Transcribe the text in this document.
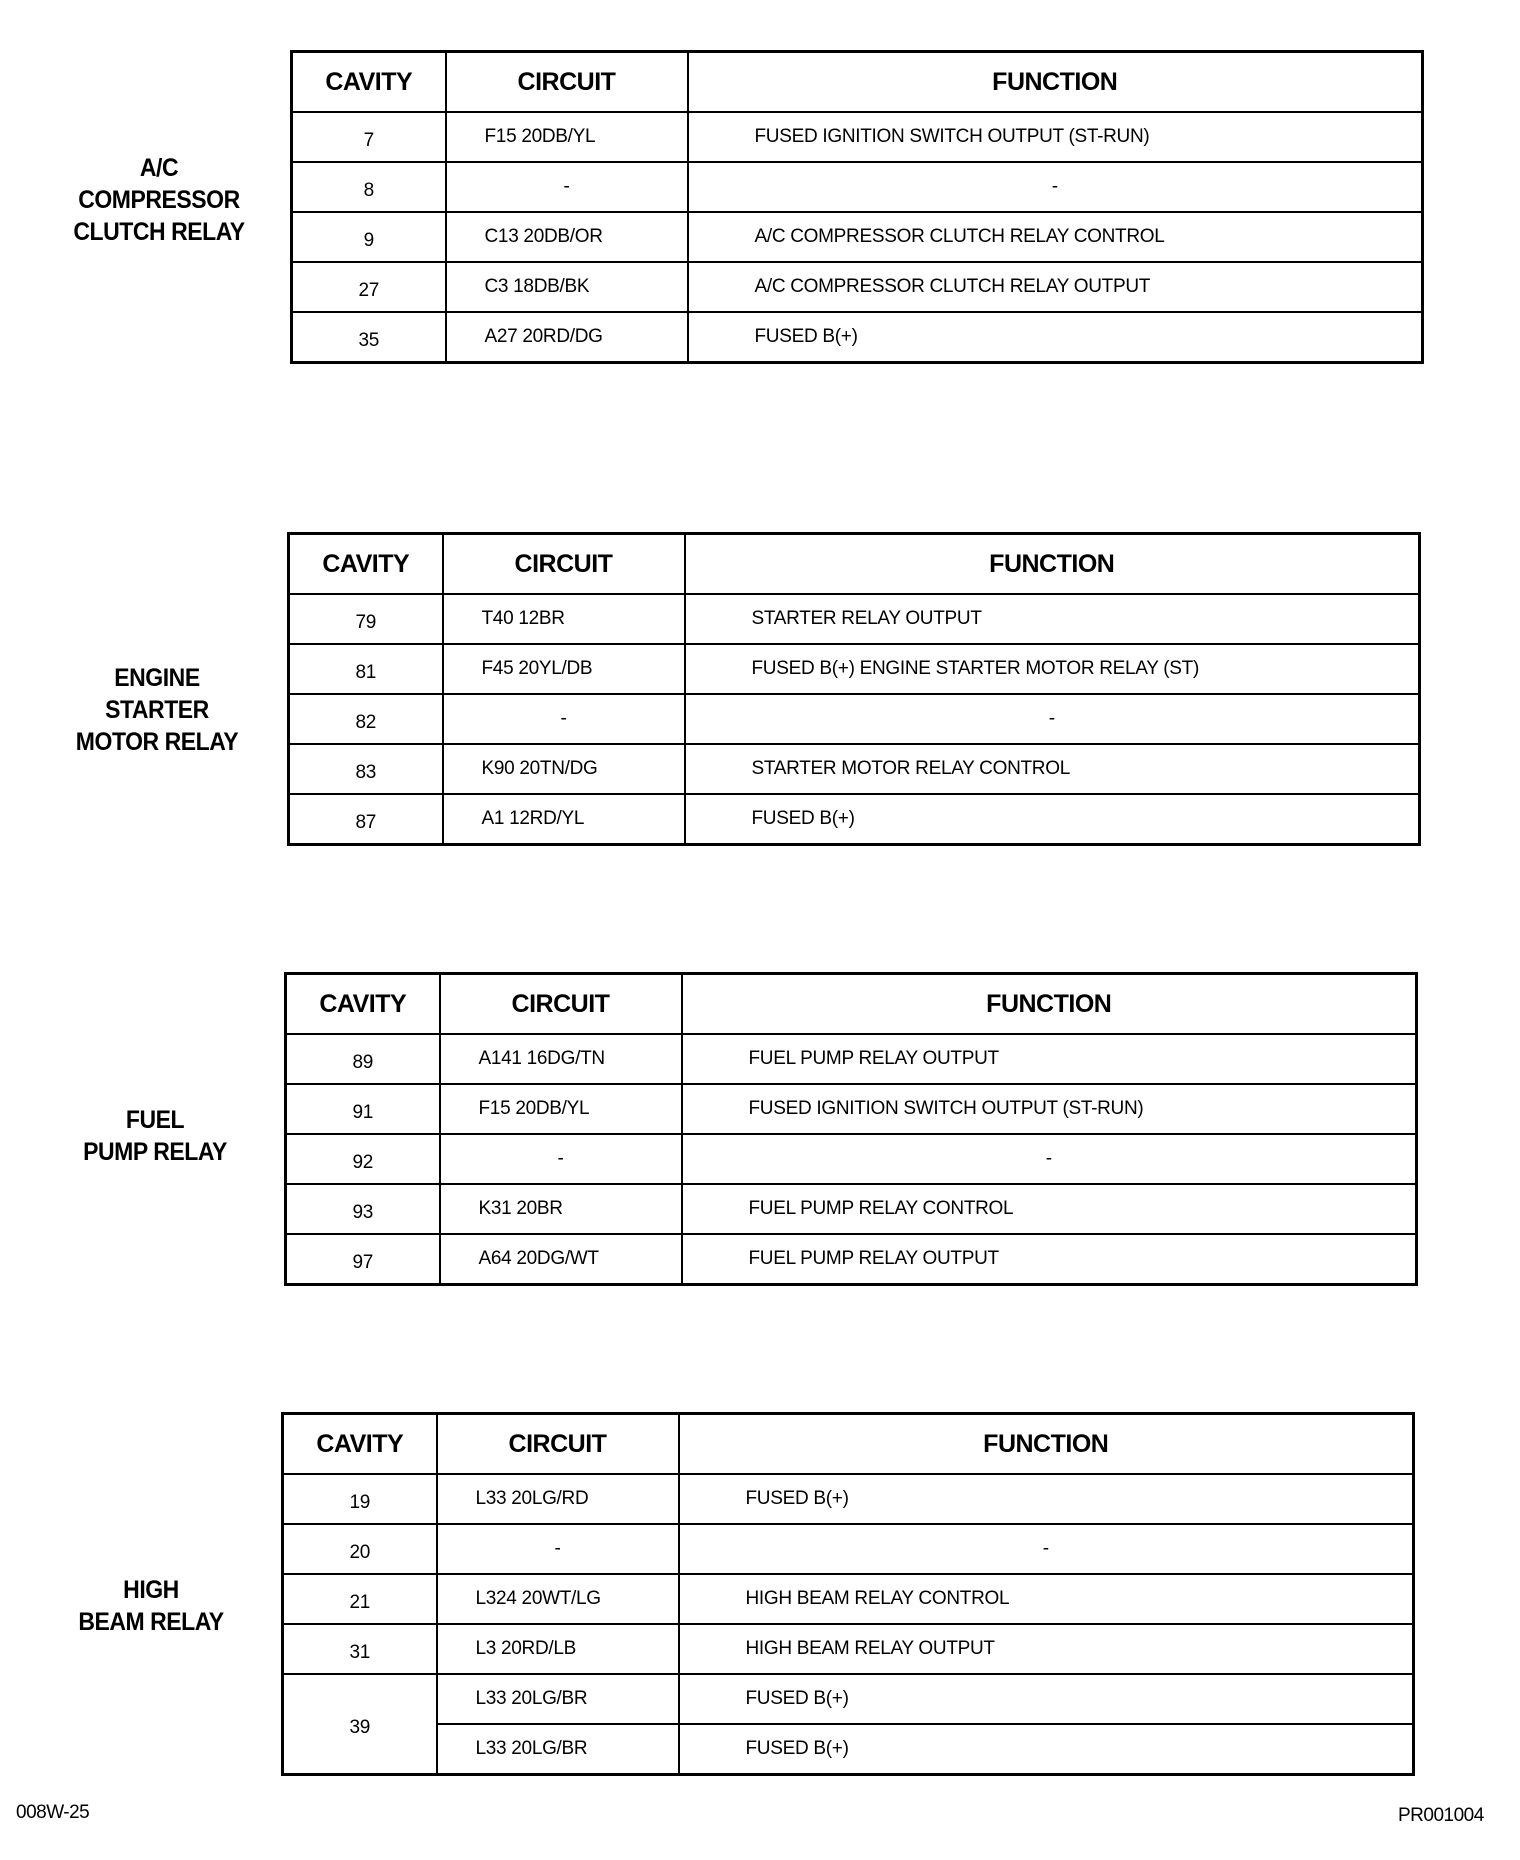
A/C
COMPRESSOR
CLUTCH RELAY
CAVITY	CIRCUIT	FUNCTION

7	F15 20DB/YL	FUSED IGNITION SWITCH OUTPUT (ST-RUN)

8	-	-

9	C13 20DB/OR	A/C COMPRESSOR CLUTCH RELAY CONTROL

27	C3 18DB/BK	A/C COMPRESSOR CLUTCH RELAY OUTPUT

35	A27 20RD/DG	FUSED B(+)
ENGINE
STARTER
MOTOR RELAY
CAVITY	CIRCUIT	FUNCTION

79	T40 12BR	STARTER RELAY OUTPUT

81	F45 20YL/DB	FUSED B(+) ENGINE STARTER MOTOR RELAY (ST)

82	-	-

83	K90 20TN/DG	STARTER MOTOR RELAY CONTROL

87	A1 12RD/YL	FUSED B(+)
FUEL
PUMP RELAY
CAVITY	CIRCUIT	FUNCTION

89	A141 16DG/TN	FUEL PUMP RELAY OUTPUT

91	F15 20DB/YL	FUSED IGNITION SWITCH OUTPUT (ST-RUN)

92	-	-

93	K31 20BR	FUEL PUMP RELAY CONTROL

97	A64 20DG/WT	FUEL PUMP RELAY OUTPUT
HIGH
BEAM RELAY
CAVITY	CIRCUIT	FUNCTION

19	L33 20LG/RD	FUSED B(+)

20	-	-

21	L324 20WT/LG	HIGH BEAM RELAY CONTROL

31	L3 20RD/LB	HIGH BEAM RELAY OUTPUT

39	L33 20LG/BR	FUSED B(+)
	L33 20LG/BR	FUSED B(+)
008W-25	PR001004
